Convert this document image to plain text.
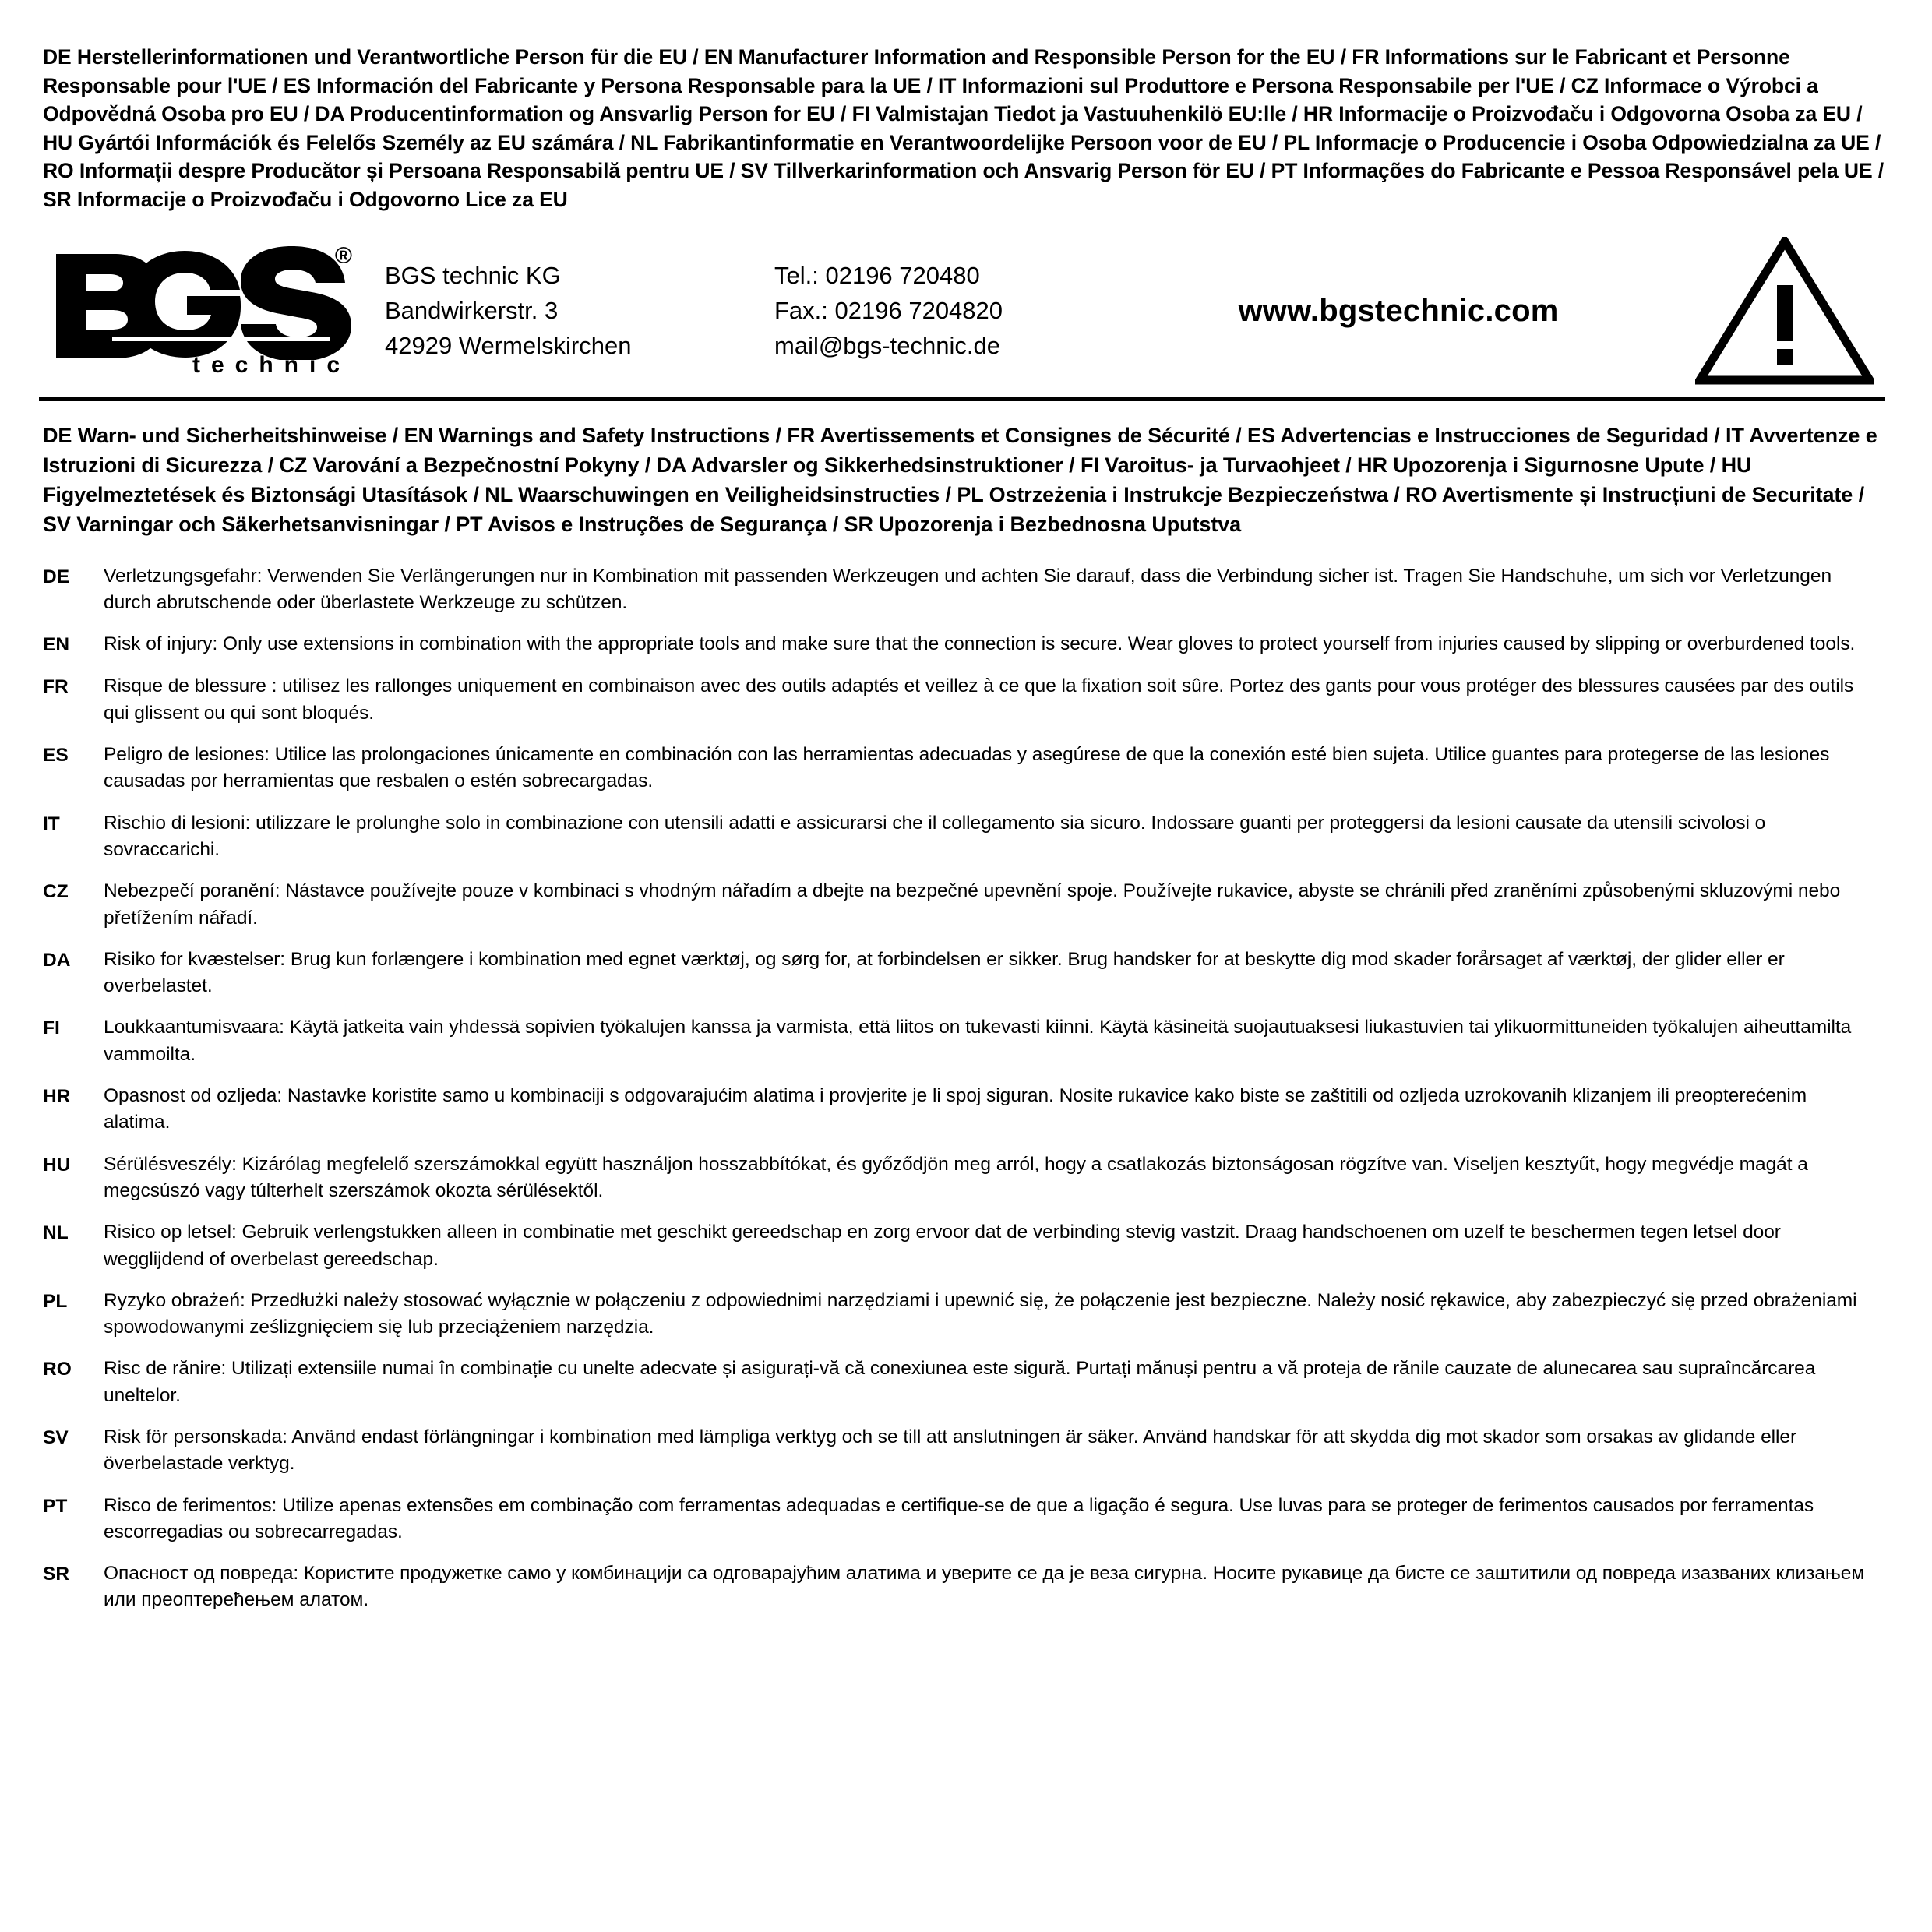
DE Herstellerinformationen und Verantwortliche Person für die EU / EN Manufacturer Information and Responsible Person for the EU / FR Informations sur le Fabricant et Personne Responsable pour l'UE / ES Información del Fabricante y Persona Responsable para la UE / IT Informazioni sul Produttore e Persona Responsabile per l'UE / CZ Informace o Výrobci a Odpovědná Osoba pro EU / DA Producentinformation og Ansvarlig Person for EU / FI Valmistajan Tiedot ja Vastuuhenkilö EU:lle / HR Informacije o Proizvođaču i Odgovorna Osoba za EU / HU Gyártói Információk és Felelős Személy az EU számára / NL Fabrikantinformatie en Verantwoordelijke Persoon voor de EU / PL Informacje o Producencie i Osoba Odpowiedzialna za UE / RO Informații despre Producător și Persoana Responsabilă pentru UE / SV Tillverkarinformation och Ansvarig Person för EU / PT Informações do Fabricante e Pessoa Responsável pela UE / SR Informacije o Proizvođaču i Odgovorno Lice za EU
technic
®
BGS technic KG
Bandwirkerstr. 3
42929 Wermelskirchen
Tel.: 02196 720480
Fax.: 02196 7204820
mail@bgs-technic.de
www.bgstechnic.com
DE Warn- und Sicherheitshinweise / EN Warnings and Safety Instructions / FR Avertissements et Consignes de Sécurité / ES Advertencias e Instrucciones de Seguridad / IT Avvertenze e Istruzioni di Sicurezza / CZ Varování a Bezpečnostní Pokyny / DA Advarsler og Sikkerhedsinstruktioner / FI Varoitus- ja Turvaohjeet / HR Upozorenja i Sigurnosne Upute / HU Figyelmeztetések és Biztonsági Utasítások / NL Waarschuwingen en Veiligheidsinstructies / PL Ostrzeżenia i Instrukcje Bezpieczeństwa / RO Avertismente și Instrucțiuni de Securitate / SV Varningar och Säkerhetsanvisningar / PT Avisos e Instruções de Segurança / SR Upozorenja i Bezbednosna Uputstva
DE	Verletzungsgefahr: Verwenden Sie Verlängerungen nur in Kombination mit passenden Werkzeugen und achten Sie darauf, dass die Verbindung sicher ist. Tragen Sie Handschuhe, um sich vor Verletzungen durch abrutschende oder überlastete Werkzeuge zu schützen.
EN	Risk of injury: Only use extensions in combination with the appropriate tools and make sure that the connection is secure. Wear gloves to protect yourself from injuries caused by slipping or overburdened tools.
FR	Risque de blessure : utilisez les rallonges uniquement en combinaison avec des outils adaptés et veillez à ce que la fixation soit sûre. Portez des gants pour vous protéger des blessures causées par des outils qui glissent ou qui sont bloqués.
ES	Peligro de lesiones: Utilice las prolongaciones únicamente en combinación con las herramientas adecuadas y asegúrese de que la conexión esté bien sujeta. Utilice guantes para protegerse de las lesiones causadas por herramientas que resbalen o estén sobrecargadas.
IT	Rischio di lesioni: utilizzare le prolunghe solo in combinazione con utensili adatti e assicurarsi che il collegamento sia sicuro. Indossare guanti per proteggersi da lesioni causate da utensili scivolosi o sovraccarichi.
CZ	Nebezpečí poranění: Nástavce používejte pouze v kombinaci s vhodným nářadím a dbejte na bezpečné upevnění spoje. Používejte rukavice, abyste se chránili před zraněními způsobenými skluzovými nebo přetížením nářadí.
DA	Risiko for kvæstelser: Brug kun forlængere i kombination med egnet værktøj, og sørg for, at forbindelsen er sikker. Brug handsker for at beskytte dig mod skader forårsaget af værktøj, der glider eller er overbelastet.
FI	Loukkaantumisvaara: Käytä jatkeita vain yhdessä sopivien työkalujen kanssa ja varmista, että liitos on tukevasti kiinni. Käytä käsineitä suojautuaksesi liukastuvien tai ylikuormittuneiden työkalujen aiheuttamilta vammoilta.
HR	Opasnost od ozljeda: Nastavke koristite samo u kombinaciji s odgovarajućim alatima i provjerite je li spoj siguran. Nosite rukavice kako biste se zaštitili od ozljeda uzrokovanih klizanjem ili preopterećenim alatima.
HU	Sérülésveszély: Kizárólag megfelelő szerszámokkal együtt használjon hosszabbítókat, és győződjön meg arról, hogy a csatlakozás biztonságosan rögzítve van. Viseljen kesztyűt, hogy megvédje magát a megcsúszó vagy túlterhelt szerszámok okozta sérülésektől.
NL	Risico op letsel: Gebruik verlengstukken alleen in combinatie met geschikt gereedschap en zorg ervoor dat de verbinding stevig vastzit. Draag handschoenen om uzelf te beschermen tegen letsel door wegglijdend of overbelast gereedschap.
PL	Ryzyko obrażeń: Przedłużki należy stosować wyłącznie w połączeniu z odpowiednimi narzędziami i upewnić się, że połączenie jest bezpieczne. Należy nosić rękawice, aby zabezpieczyć się przed obrażeniami spowodowanymi ześlizgnięciem się lub przeciążeniem narzędzia.
RO	Risc de rănire: Utilizați extensiile numai în combinație cu unelte adecvate și asigurați-vă că conexiunea este sigură. Purtați mănuși pentru a vă proteja de rănile cauzate de alunecarea sau supraîncărcarea uneltelor.
SV	Risk för personskada: Använd endast förlängningar i kombination med lämpliga verktyg och se till att anslutningen är säker. Använd handskar för att skydda dig mot skador som orsakas av glidande eller överbelastade verktyg.
PT	Risco de ferimentos: Utilize apenas extensões em combinação com ferramentas adequadas e certifique-se de que a ligação é segura. Use luvas para se proteger de ferimentos causados por ferramentas escorregadias ou sobrecarregadas.
SR	Опасност од повреда: Користите продужетке само у комбинацији са одговарајућим алатима и уверите се да је веза сигурна. Носите рукавице да бисте се заштитили од повреда изазваних клизањем или преоптерећењем алатом.
